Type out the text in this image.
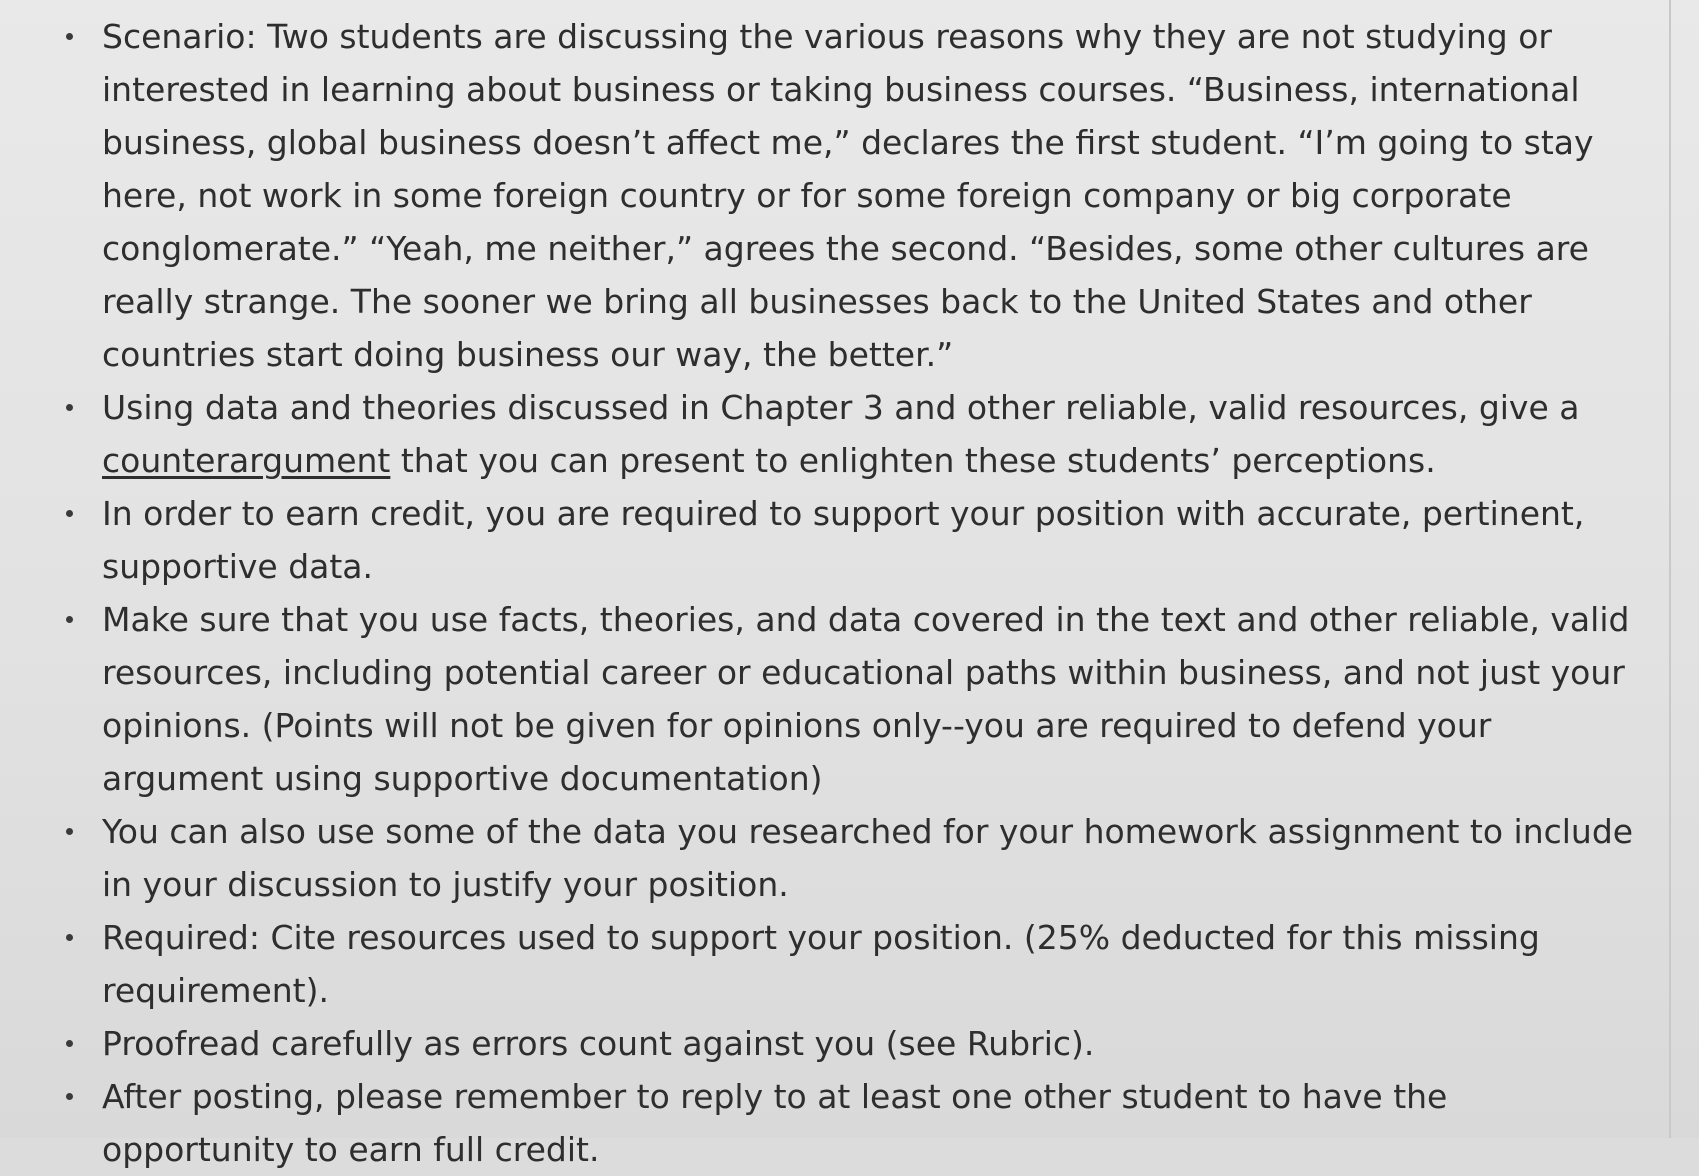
Scenario: Two students are discussing the various reasons why they are not studying or interested in learning about business or taking business courses. “Business, international business, global business doesn’t affect me,” declares the first student. “I’m going to stay here, not work in some foreign country or for some foreign company or big corporate conglomerate.” “Yeah, me neither,” agrees the second. “Besides, some other cultures are really strange. The sooner we bring all businesses back to the United States and other countries start doing business our way, the better.”
Using data and theories discussed in Chapter 3 and other reliable, valid resources, give a counterargument that you can present to enlighten these students’ perceptions.
In order to earn credit, you are required to support your position with accurate, pertinent, supportive data.
Make sure that you use facts, theories, and data covered in the text and other reliable, valid resources, including potential career or educational paths within business, and not just your opinions. (Points will not be given for opinions only--you are required to defend your argument using supportive documentation)
You can also use some of the data you researched for your homework assignment to include in your discussion to justify your position.
Required: Cite resources used to support your position. (25% deducted for this missing requirement).
Proofread carefully as errors count against you (see Rubric).
After posting, please remember to reply to at least one other student to have the opportunity to earn full credit.
